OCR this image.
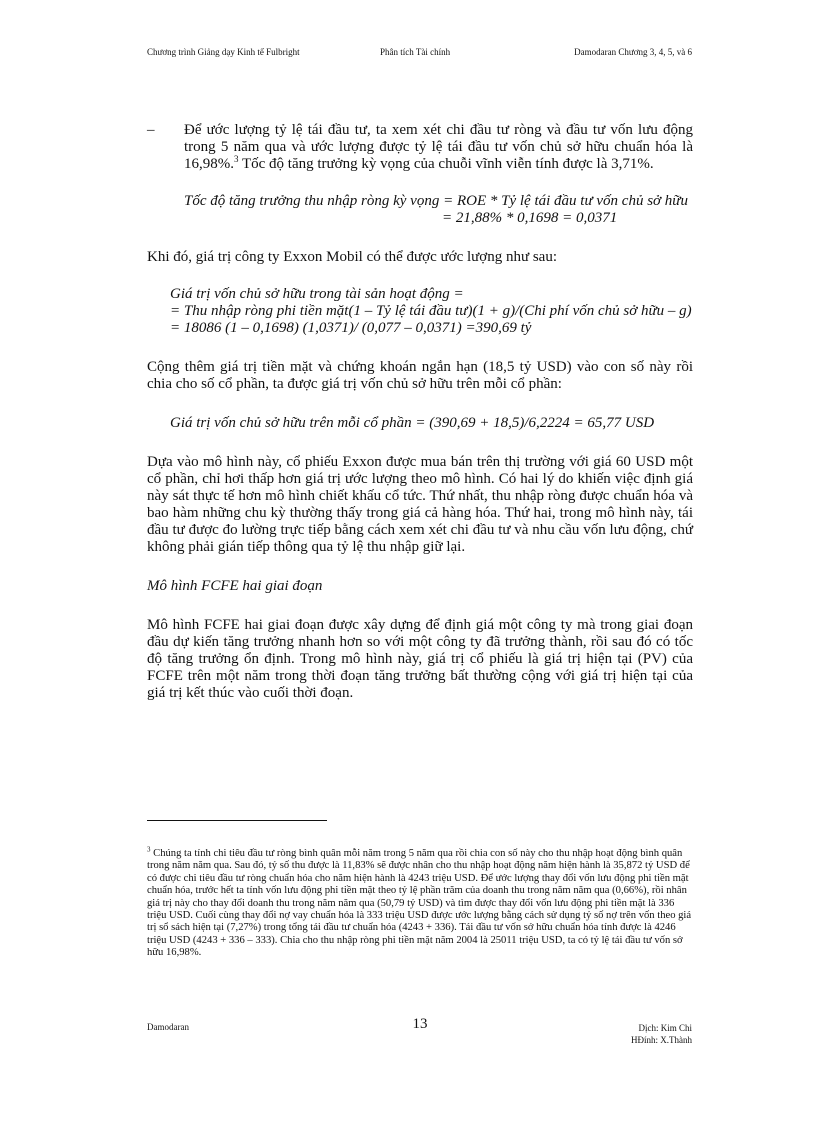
Chương trình Giảng dạy Kinh tế Fulbright	Phân tích Tài chính	Damodaran Chương 3, 4, 5, và 6
– Để ước lượng tỷ lệ tái đầu tư, ta xem xét chi đầu tư ròng và đầu tư vốn lưu động trong 5 năm qua và ước lượng được tỷ lệ tái đầu tư vốn chủ sở hữu chuẩn hóa là 16,98%.$^3$ Tốc độ tăng trưởng kỳ vọng của chuỗi vĩnh viễn tính được là 3,71%.
Tốc độ tăng trưởng thu nhập ròng kỳ vọng = ROE * Tỷ lệ tái đầu tư vốn chủ sở hữu
= 21,88% * 0,1698 = 0,0371

Khi đó, giá trị công ty Exxon Mobil có thể được ước lượng như sau:

Giá trị vốn chủ sở hữu trong tài sản hoạt động =
= Thu nhập ròng phi tiền mặt(1 – Tỷ lệ tái đầu tư)(1 + g)/(Chi phí vốn chủ sở hữu – g)
= 18086 (1 – 0,1698) (1,0371)/ (0,077 – 0,0371) =390,69 tỷ

Cộng thêm giá trị tiền mặt và chứng khoán ngắn hạn (18,5 tỷ USD) vào con số này rồi chia cho số cổ phần, ta được giá trị vốn chủ sở hữu trên mỗi cổ phần:

Giá trị vốn chủ sở hữu trên mỗi cổ phần = (390,69 + 18,5)/6,2224 = 65,77 USD

Dựa vào mô hình này, cổ phiếu Exxon được mua bán trên thị trường với giá 60 USD một cổ phần, chỉ hơi thấp hơn giá trị ước lượng theo mô hình. Có hai lý do khiến việc định giá này sát thực tế hơn mô hình chiết khấu cổ tức. Thứ nhất, thu nhập ròng được chuẩn hóa và bao hàm những chu kỳ thường thấy trong giá cả hàng hóa. Thứ hai, trong mô hình này, tái đầu tư được đo lường trực tiếp bằng cách xem xét chi đầu tư và nhu cầu vốn lưu động, chứ không phải gián tiếp thông qua tỷ lệ thu nhập giữ lại.

Mô hình FCFE hai giai đoạn

Mô hình FCFE hai giai đoạn được xây dựng để định giá một công ty mà trong giai đoạn đầu dự kiến tăng trưởng nhanh hơn so với một công ty đã trưởng thành, rồi sau đó có tốc độ tăng trưởng ổn định. Trong mô hình này, giá trị cổ phiếu là giá trị hiện tại (PV) của FCFE trên một năm trong thời đoạn tăng trưởng bất thường cộng với giá trị hiện tại của giá trị kết thúc vào cuối thời đoạn.

$^3$ Chúng ta tính chi tiêu đầu tư ròng bình quân mỗi năm trong 5 năm qua rồi chia con số này cho thu nhập hoạt động bình quân trong năm năm qua. Sau đó, tỷ số thu được là 11,83% sẽ được nhân cho thu nhập hoạt động năm hiện hành là 35,872 tỷ USD để có được chi tiêu đầu tư ròng chuẩn hóa cho năm hiện hành là 4243 triệu USD. Để ước lượng thay đổi vốn lưu động phi tiền mặt chuẩn hóa, trước hết ta tính vốn lưu động phi tiền mặt theo tỷ lệ phần trăm của doanh thu trong năm năm qua (0,66%), rồi nhân giá trị này cho thay đổi doanh thu trong năm năm qua (50,79 tỷ USD) và tìm được thay đổi vốn lưu động phi tiền mặt là 336 triệu USD. Cuối cùng thay đổi nợ vay chuẩn hóa là 333 triệu USD được ước lượng bằng cách sử dụng tỷ số nợ trên vốn theo giá trị sổ sách hiện tại (7,27%) trong tổng tái đầu tư chuẩn hóa (4243 + 336). Tái đầu tư vốn sở hữu chuẩn hóa tính được là 4246 triệu USD (4243 + 336 – 333). Chia cho thu nhập ròng phi tiền mặt năm 2004 là 25011 triệu USD, ta có tỷ lệ tái đầu tư vốn sở hữu 16,98%.
Damodaran	13	Dịch: Kim Chi
HĐính: X.Thành
